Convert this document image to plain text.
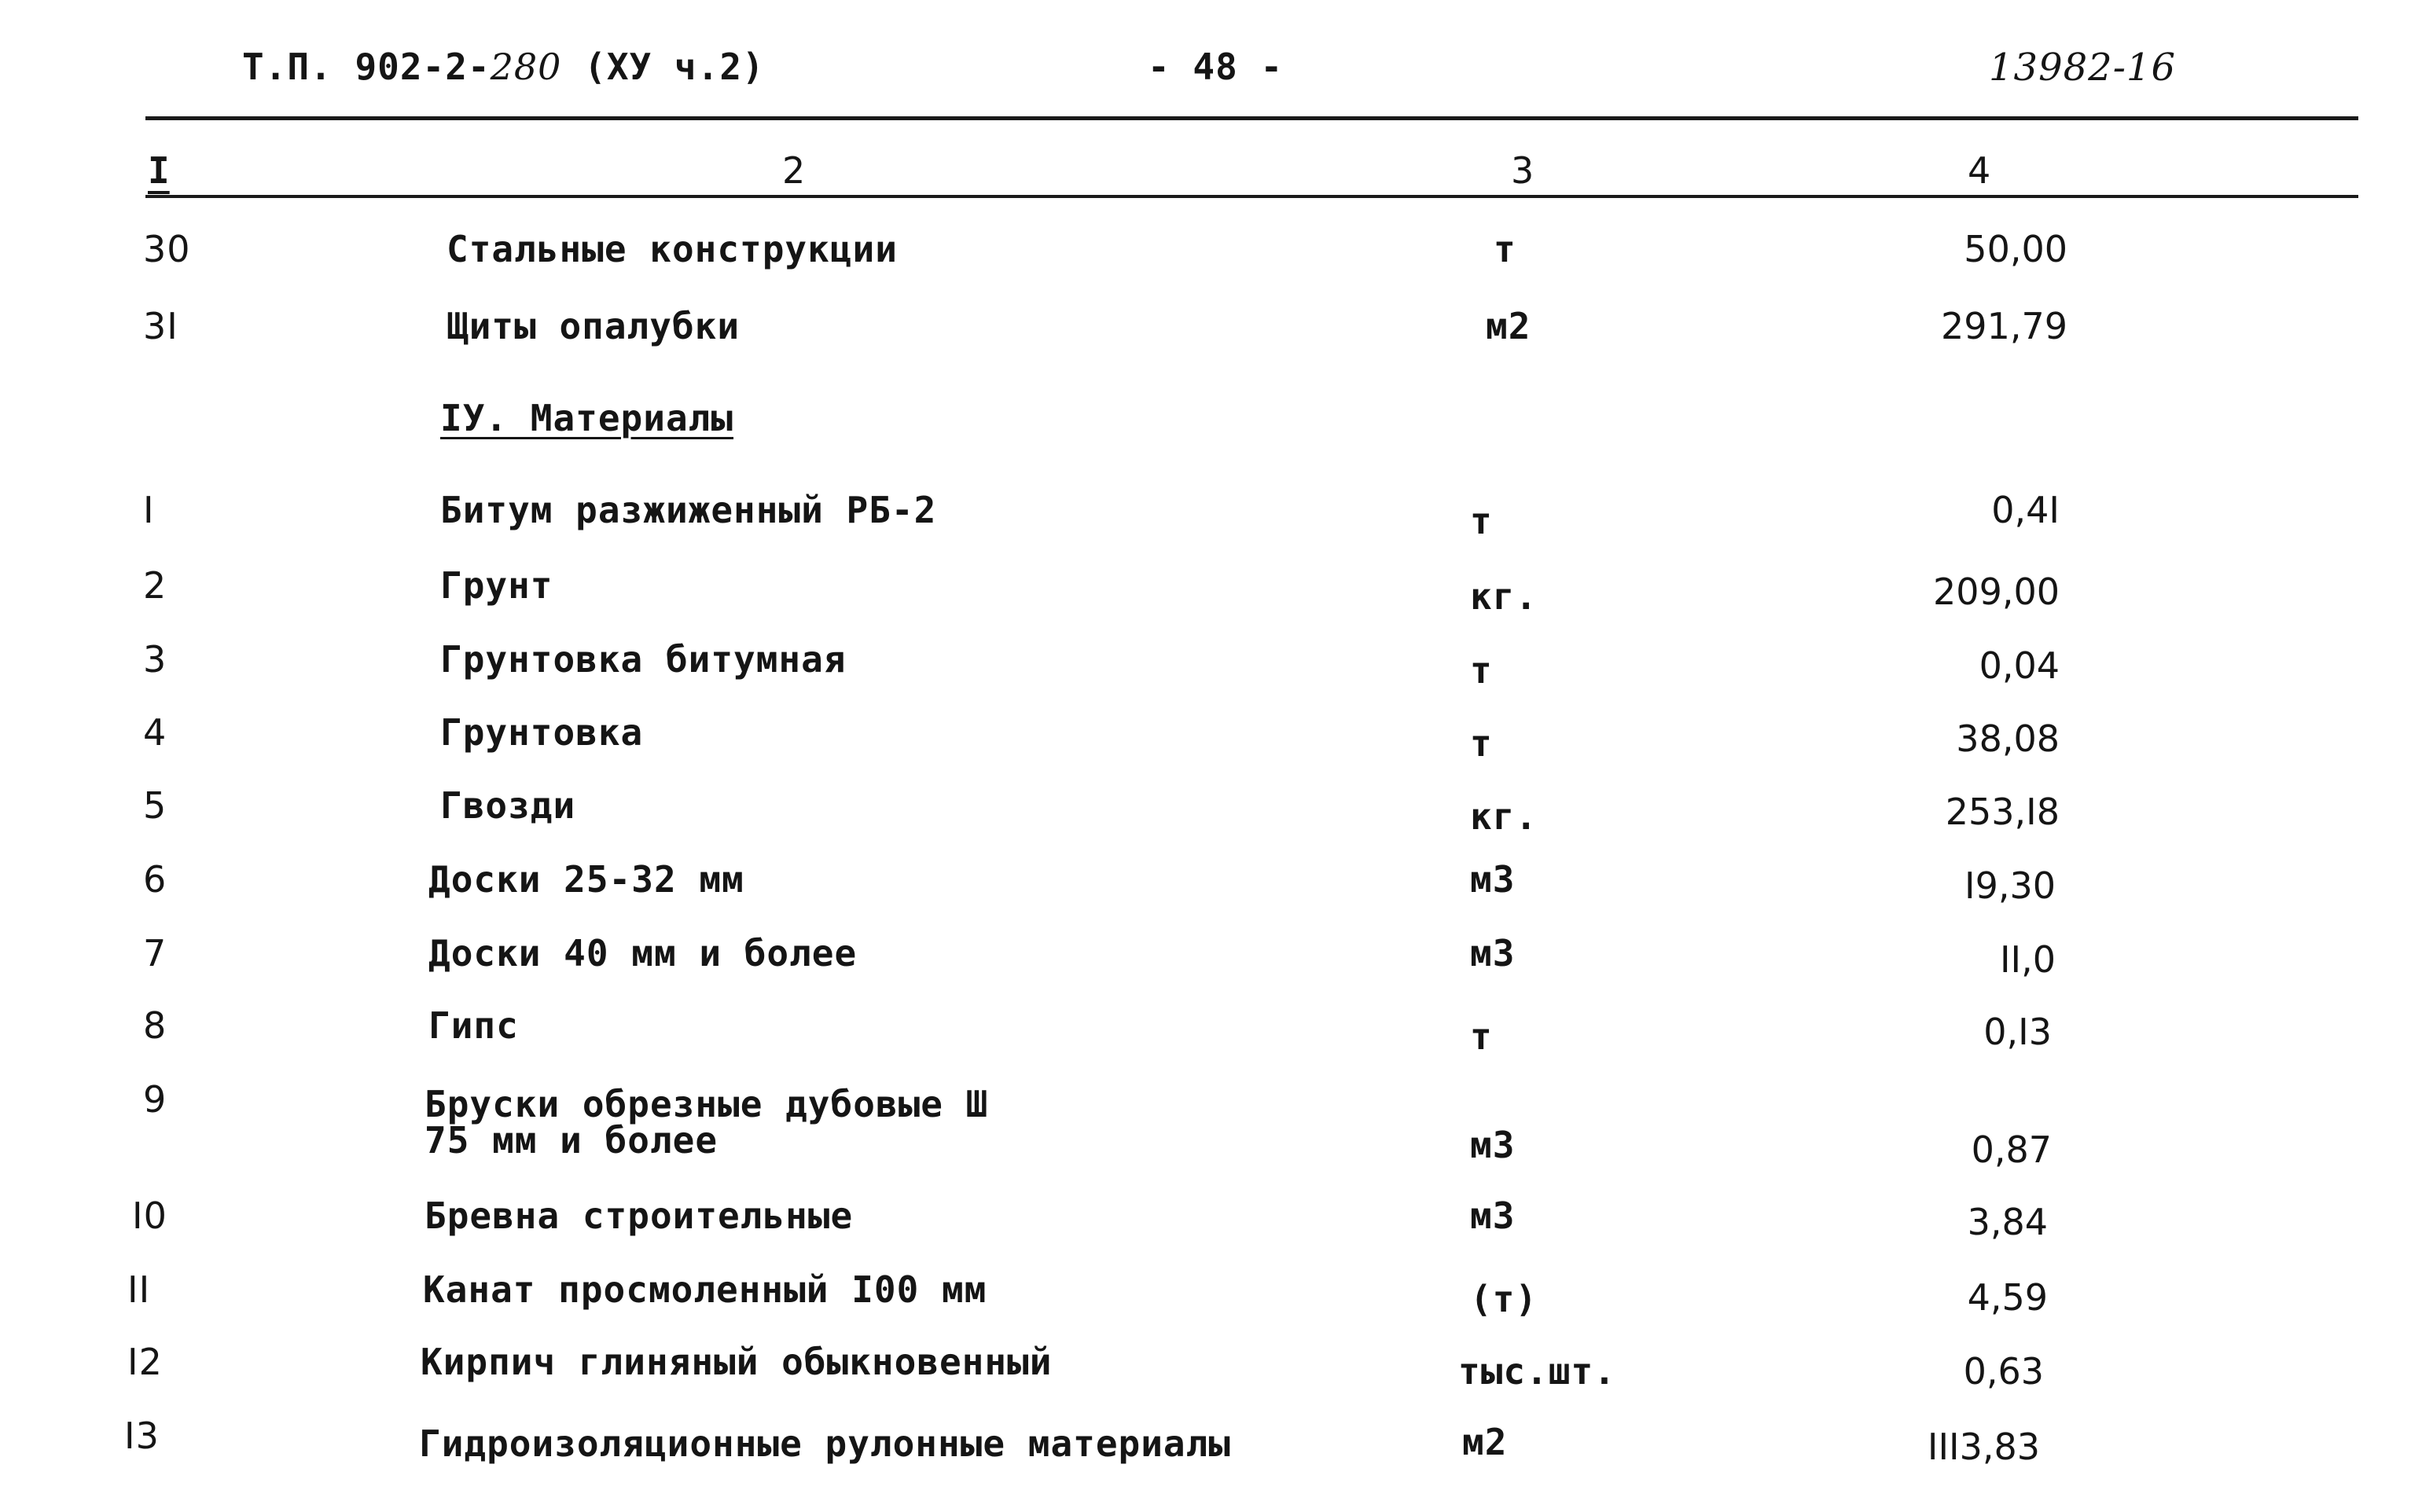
Т.П. 902-2-280 (ХУ ч.2)	- 48 -	13982-16
I	2	3	4
30	Стальные конструкции	т	50,00
3I	Щиты опалубки	м2	291,79
IУ. Материалы
I	Битум разжиженный РБ-2	т	0,4I
2	Грунт	кг.	209,00
3	Грунтовка битумная	т	0,04
4	Грунтовка	т	38,08
5	Гвозди	кг.	253,I8
6	Доски 25-32 мм	м3	I9,30
7	Доски 40 мм и более	м3	II,0
8	Гипс	т	0,I3
9	Бруски обрезные дубовые Ш
75 мм и более	м3	0,87
I0	Бревна строительные	м3	3,84
II	Канат просмоленный I00 мм	(т)	4,59
I2	Кирпич глиняный обыкновенный	тыс.шт.	0,63
I3	Гидроизоляционные рулонные материалы	м2	III3,83
